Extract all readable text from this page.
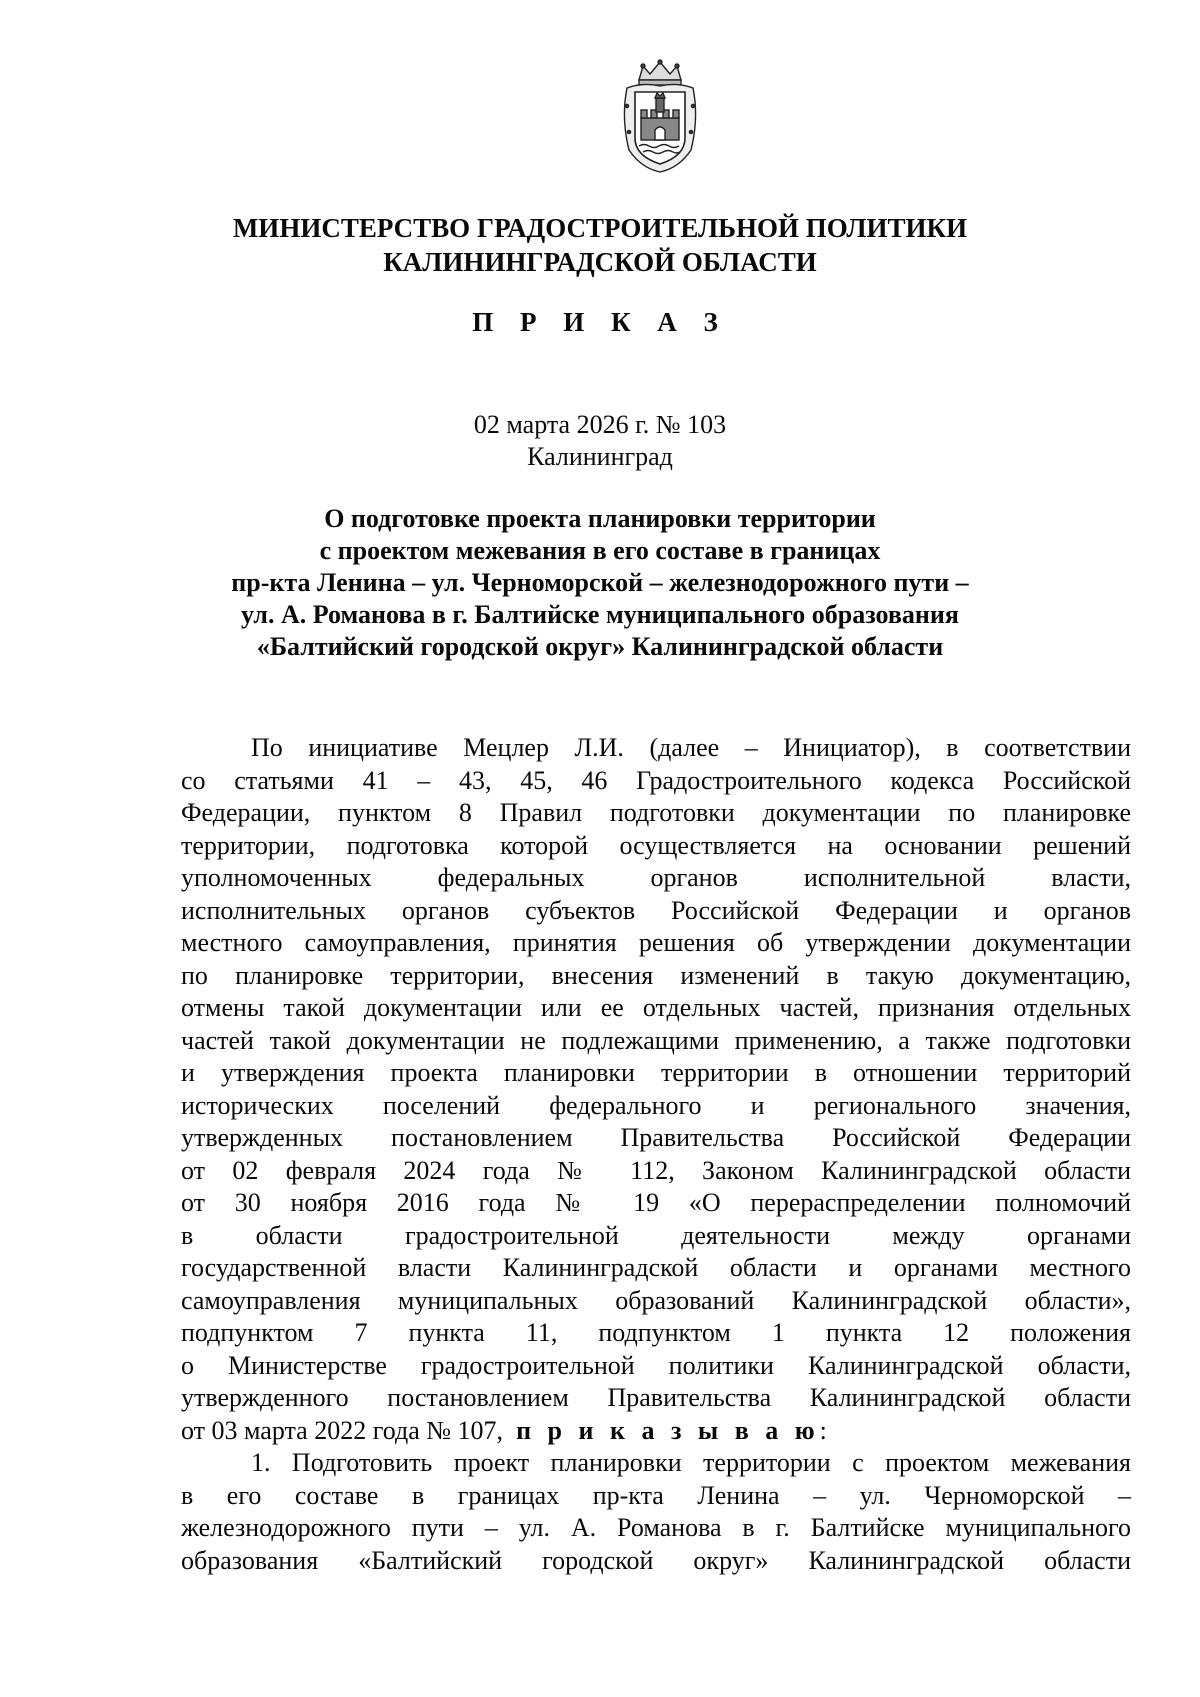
МИНИСТЕРСТВО ГРАДОСТРОИТЕЛЬНОЙ ПОЛИТИКИ
КАЛИНИНГРАДСКОЙ ОБЛАСТИ
П Р И К А З
02 марта 2026 г. № 103
Калининград
О подготовке проекта планировки территории
с проектом межевания в его составе в границах
пр-кта Ленина – ул. Черноморской – железнодорожного пути –
ул. А. Романова в г. Балтийске муниципального образования
«Балтийский городской округ» Калининградской области
По инициативе Мецлер Л.И. (далее – Инициатор), в соответствии
со статьями 41 – 43, 45, 46 Градостроительного кодекса Российской
Федерации, пунктом 8 Правил подготовки документации по планировке
территории, подготовка которой осуществляется на основании решений
уполномоченных федеральных органов исполнительной власти,
исполнительных органов субъектов Российской Федерации и органов
местного самоуправления, принятия решения об утверждении документации
по планировке территории, внесения изменений в такую документацию,
отмены такой документации или ее отдельных частей, признания отдельных
частей такой документации не подлежащими применению, а также подготовки
и утверждения проекта планировки территории в отношении территорий
исторических поселений федерального и регионального значения,
утвержденных постановлением Правительства Российской Федерации
от 02 февраля 2024 года № 112, Законом Калининградской области
от 30 ноября 2016 года № 19 «О перераспределении полномочий
в области градостроительной деятельности между органами
государственной власти Калининградской области и органами местного
самоуправления муниципальных образований Калининградской области»,
подпунктом 7 пункта 11, подпунктом 1 пункта 12 положения
о Министерстве градостроительной политики Калининградской области,
утвержденного постановлением Правительства Калининградской области
от 03 марта 2022 года № 107, п р и к а з ы в а ю:
1. Подготовить проект планировки территории с проектом межевания
в его составе в границах пр-кта Ленина – ул. Черноморской –
железнодорожного пути – ул. А. Романова в г. Балтийске муниципального
образования «Балтийский городской округ» Калининградской области
